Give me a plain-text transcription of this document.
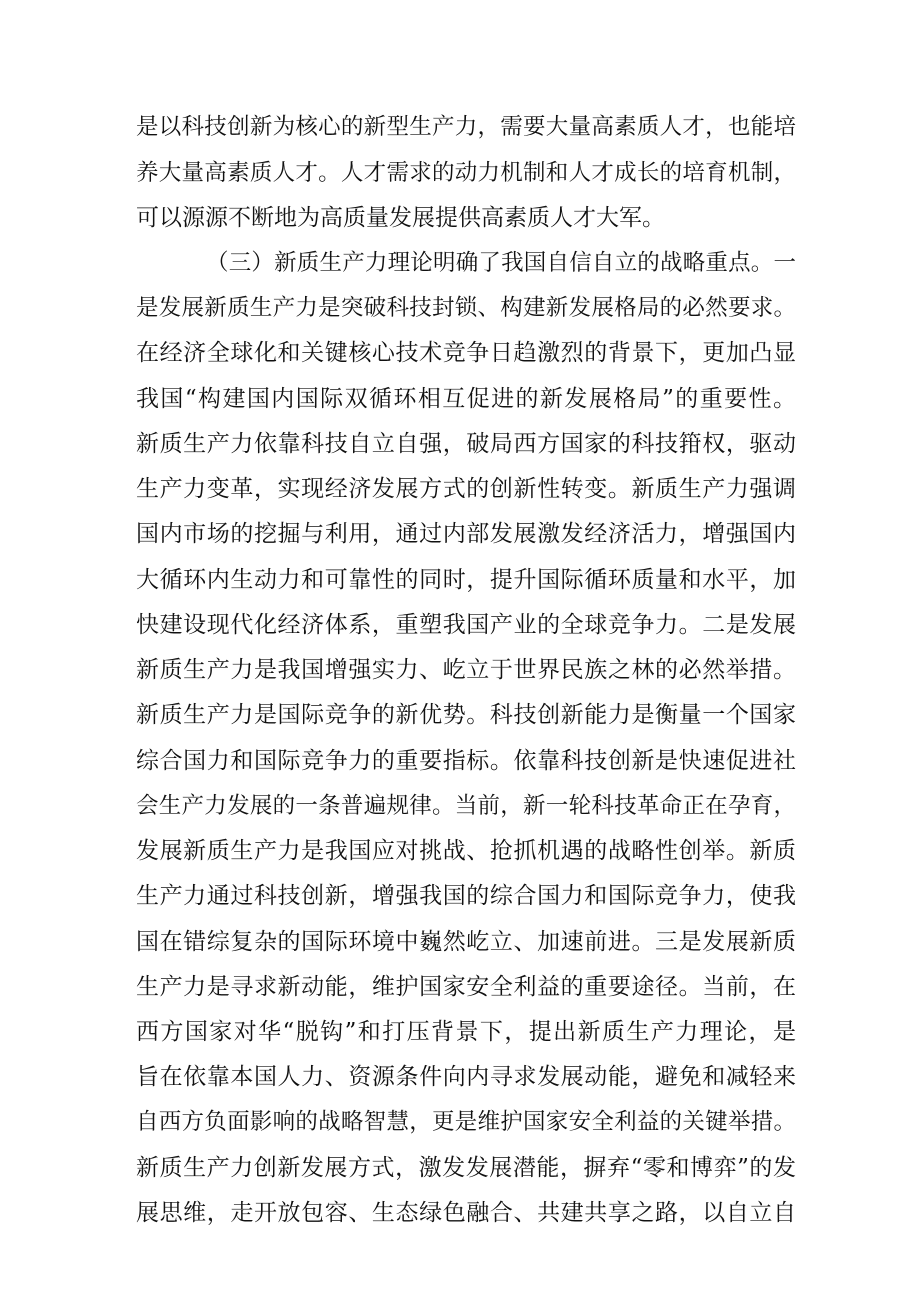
是以科技创新为核心的新型生产力，需要大量高素质人才，也能培
养大量高素质人才。人才需求的动力机制和人才成长的培育机制，
可以源源不断地为高质量发展提供高素质人才大军。
（三）新质生产力理论明确了我国自信自立的战略重点。一
是发展新质生产力是突破科技封锁、构建新发展格局的必然要求。
在经济全球化和关键核心技术竞争日趋激烈的背景下，更加凸显
我国“构建国内国际双循环相互促进的新发展格局”的重要性。
新质生产力依靠科技自立自强，破局西方国家的科技箝权，驱动
生产力变革，实现经济发展方式的创新性转变。新质生产力强调
国内市场的挖掘与利用，通过内部发展激发经济活力，增强国内
大循环内生动力和可靠性的同时，提升国际循环质量和水平，加
快建设现代化经济体系，重塑我国产业的全球竞争力。二是发展
新质生产力是我国增强实力、屹立于世界民族之林的必然举措。
新质生产力是国际竞争的新优势。科技创新能力是衡量一个国家
综合国力和国际竞争力的重要指标。依靠科技创新是快速促进社
会生产力发展的一条普遍规律。当前，新一轮科技革命正在孕育，
发展新质生产力是我国应对挑战、抢抓机遇的战略性创举。新质
生产力通过科技创新，增强我国的综合国力和国际竞争力，使我
国在错综复杂的国际环境中巍然屹立、加速前进。三是发展新质
生产力是寻求新动能，维护国家安全利益的重要途径。当前，在
西方国家对华“脱钩”和打压背景下，提出新质生产力理论，是
旨在依靠本国人力、资源条件向内寻求发展动能，避免和减轻来
自西方负面影响的战略智慧，更是维护国家安全利益的关键举措。
新质生产力创新发展方式，激发发展潜能，摒弃“零和博弈”的发
展思维，走开放包容、生态绿色融合、共建共享之路，以自立自
